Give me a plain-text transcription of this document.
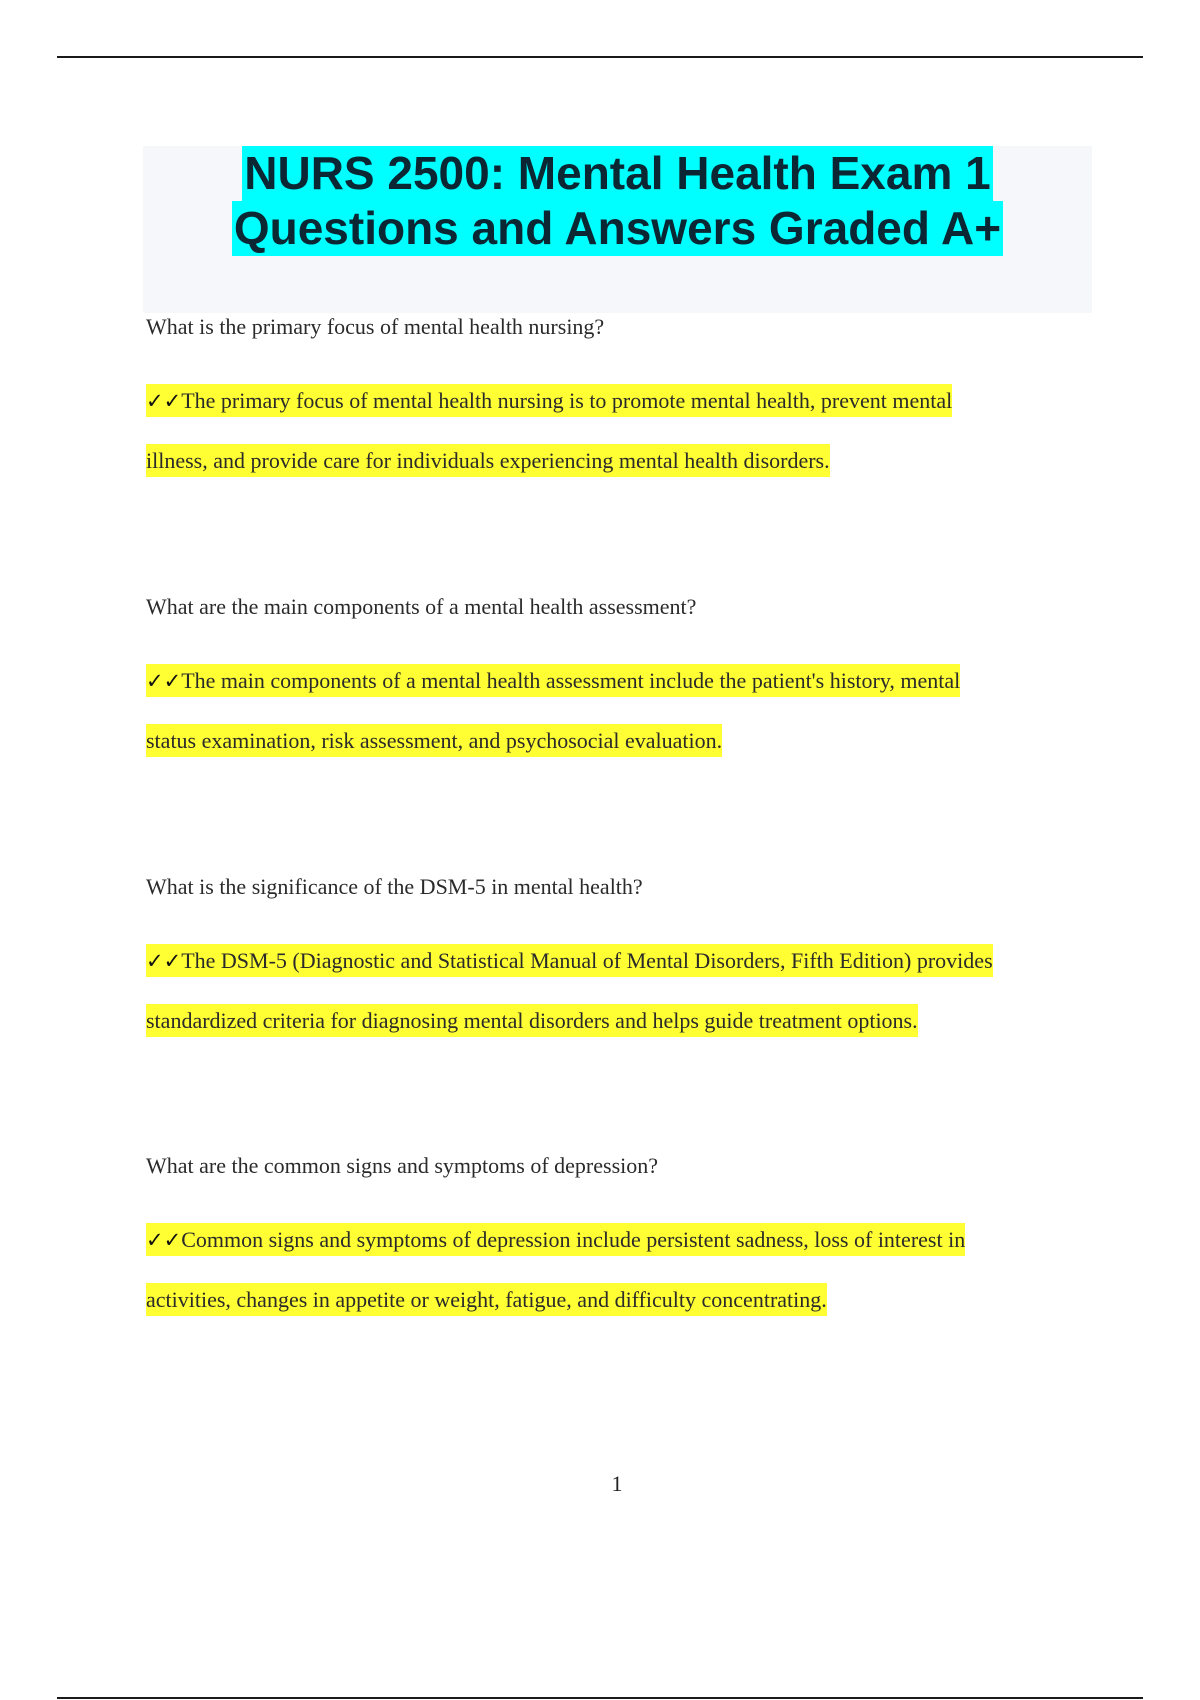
NURS 2500: Mental Health Exam 1
Questions and Answers Graded A+

What is the primary focus of mental health nursing?

✓✓The primary focus of mental health nursing is to promote mental health, prevent mental
illness, and provide care for individuals experiencing mental health disorders.

What are the main components of a mental health assessment?

✓✓The main components of a mental health assessment include the patient's history, mental
status examination, risk assessment, and psychosocial evaluation.

What is the significance of the DSM-5 in mental health?

✓✓The DSM-5 (Diagnostic and Statistical Manual of Mental Disorders, Fifth Edition) provides
standardized criteria for diagnosing mental disorders and helps guide treatment options.

What are the common signs and symptoms of depression?

✓✓Common signs and symptoms of depression include persistent sadness, loss of interest in
activities, changes in appetite or weight, fatigue, and difficulty concentrating.

1
